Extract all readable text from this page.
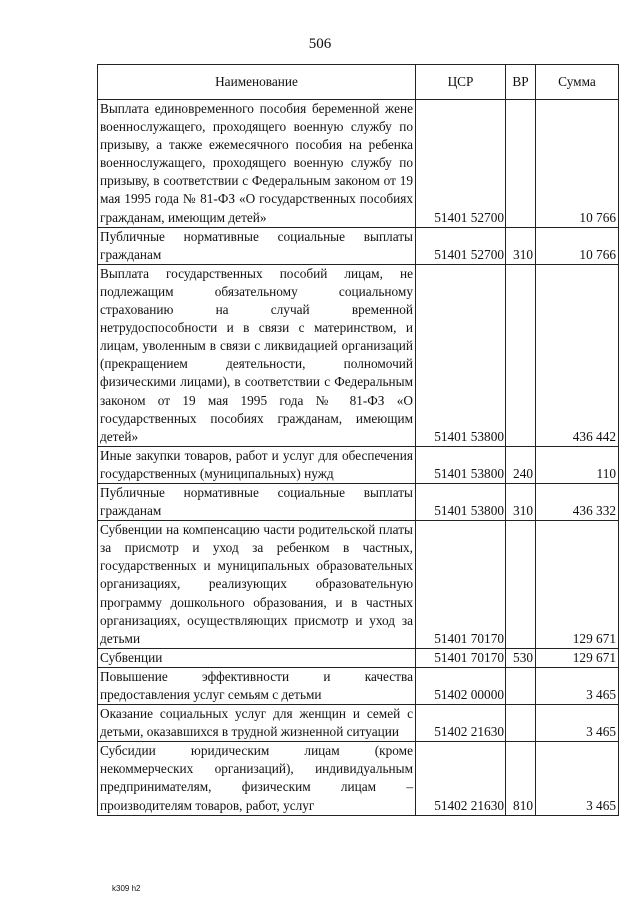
506
Наименование	ЦСР	ВР	Сумма
Выплата единовременного пособия беременной жене военнослужащего, проходящего военную службу по призыву, а также ежемесячного пособия на ребенка военнослужащего, проходящего военную службу по призыву, в соответствии с Федеральным законом от 19 мая 1995 года № 81-ФЗ «О государственных пособиях гражданам, имеющим детей»	51401 52700		10 766
Публичные нормативные социальные выплаты гражданам	51401 52700	310	10 766
Выплата государственных пособий лицам, не подлежащим обязательному социальному страхованию на случай временной нетрудоспособности и в связи с материнством, и лицам, уволенным в связи с ликвидацией организаций (прекращением деятельности, полномочий физическими лицами), в соответствии с Федеральным законом от 19 мая 1995 года № 81-ФЗ «О государственных пособиях гражданам, имеющим детей»	51401 53800		436 442
Иные закупки товаров, работ и услуг для обеспечения государственных (муниципальных) нужд	51401 53800	240	110
Публичные нормативные социальные выплаты гражданам	51401 53800	310	436 332
Субвенции на компенсацию части родительской платы за присмотр и уход за ребенком в частных, государственных и муниципальных образовательных организациях, реализующих образовательную программу дошкольного образования, и в частных организациях, осуществляющих присмотр и уход за детьми	51401 70170		129 671
Субвенции	51401 70170	530	129 671
Повышение эффективности и качества предоставления услуг семьям с детьми	51402 00000		3 465
Оказание социальных услуг для женщин и семей с детьми, оказавшихся в трудной жизненной ситуации	51402 21630		3 465
Субсидии юридическим лицам (кроме некоммерческих организаций), индивидуальным предпринимателям, физическим лицам – производителям товаров, работ, услуг	51402 21630	810	3 465
k309 h2
